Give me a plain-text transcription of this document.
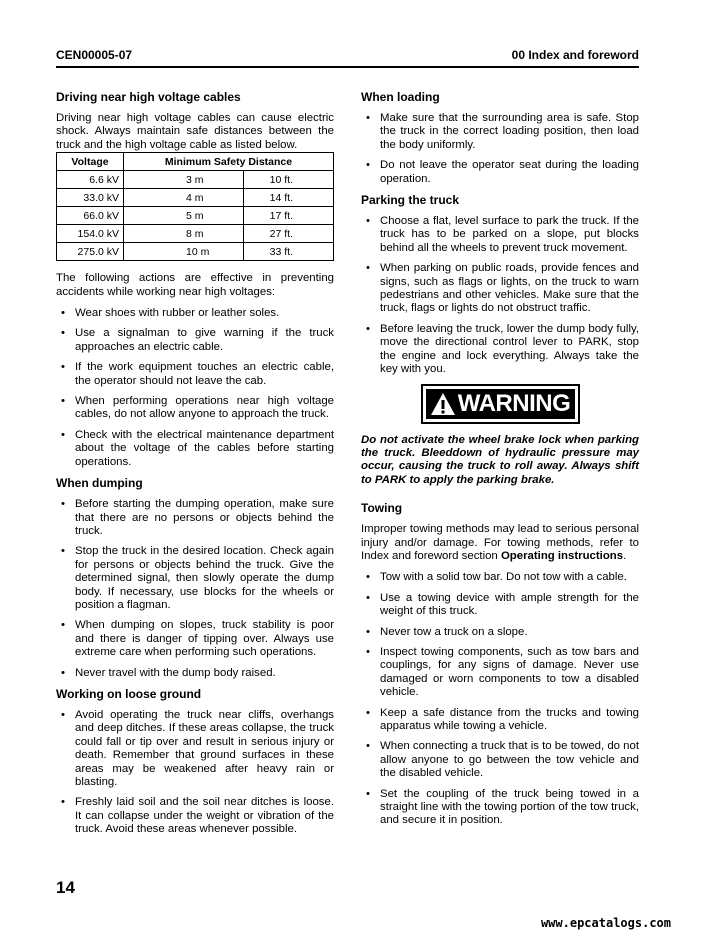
CEN00005-07	00 Index and foreword
Driving near high voltage cables

Driving near high voltage cables can cause electric shock. Always maintain safe distances between the truck and the high voltage cable as listed below.

Voltage	Minimum Safety Distance	
6.6 kV	3 m	10 ft.
33.0 kV	4 m	14 ft.
66.0 kV	5 m	17 ft.
154.0 kV	8 m	27 ft.
275.0 kV	10 m	33 ft.

The following actions are effective in preventing accidents while working near high voltages:

• Wear shoes with rubber or leather soles.
• Use a signalman to give warning if the truck approaches an electric cable.
• If the work equipment touches an electric cable, the operator should not leave the cab.
• When performing operations near high voltage cables, do not allow anyone to approach the truck.
• Check with the electrical maintenance department about the voltage of the cables before starting operations.
When dumping
• Before starting the dumping operation, make sure that there are no persons or objects behind the truck.
• Stop the truck in the desired location. Check again for persons or objects behind the truck. Give the determined signal, then slowly operate the dump body. If necessary, use blocks for the wheels or position a flagman.
• When dumping on slopes, truck stability is poor and there is danger of tipping over. Always use extreme care when performing such operations.
• Never travel with the dump body raised.
Working on loose ground
• Avoid operating the truck near cliffs, overhangs and deep ditches. If these areas collapse, the truck could fall or tip over and result in serious injury or death. Remember that ground surfaces in these areas may be weakened after heavy rain or blasting.
• Freshly laid soil and the soil near ditches is loose. It can collapse under the weight or vibration of the truck. Avoid these areas whenever possible.
When loading
• Make sure that the surrounding area is safe. Stop the truck in the correct loading position, then load the body uniformly.
• Do not leave the operator seat during the loading operation.
Parking the truck
• Choose a flat, level surface to park the truck. If the truck has to be parked on a slope, put blocks behind all the wheels to prevent truck movement.
• When parking on public roads, provide fences and signs, such as flags or lights, on the truck to warn pedestrians and other vehicles. Make sure that the truck, flags or lights do not obstruct traffic.
• Before leaving the truck, lower the dump body fully, move the directional control lever to PARK, stop the engine and lock everything. Always take the key with you.
WARNING

Do not activate the wheel brake lock when parking the truck. Bleeddown of hydraulic pressure may occur, causing the truck to roll away. Always shift to PARK to apply the parking brake.

Towing

Improper towing methods may lead to serious personal injury and/or damage. For towing methods, refer to Index and foreword section Operating instructions.

• Tow with a solid tow bar. Do not tow with a cable.
• Use a towing device with ample strength for the weight of this truck.
• Never tow a truck on a slope.
• Inspect towing components, such as tow bars and couplings, for any signs of damage. Never use damaged or worn components to tow a disabled vehicle.
• Keep a safe distance from the trucks and towing apparatus while towing a vehicle.
• When connecting a truck that is to be towed, do not allow anyone to go between the tow vehicle and the disabled vehicle.
• Set the coupling of the truck being towed in a straight line with the towing portion of the tow truck, and secure it in position.
14
www.epcatalogs.com
